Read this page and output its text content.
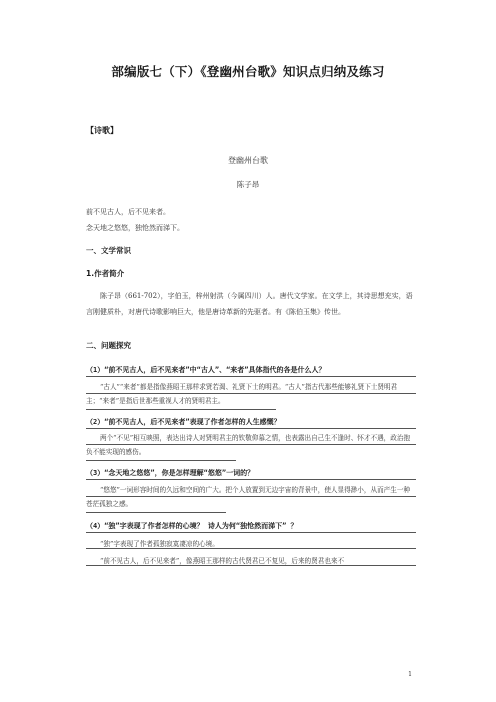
部编版七（下）《登幽州台歌》知识点归纳及练习
【诗歌】
登幽州台歌
陈子昂
前不见古人，后不见来者。
念天地之悠悠，独怆然而涕下。
一、文学常识
1.作者简介
陈子昂（661-702），字伯玉，梓州射洪（今属四川）人。唐代文学家。在文学上，其诗思想充实，语言刚健质朴，对唐代诗歌影响巨大，他是唐诗革新的先驱者。有《陈伯玉集》传世。
二、问题探究
（1）“前不见古人，后不见来者”中“古人”、“来者”具体指代的各是什么人？
“古人”“来者”都是指像燕昭王那样求贤若渴、礼贤下士的明君。“古人”指古代那些能够礼贤下士贤明君主；“来者”是指后世那些重视人才的贤明君主。
（2）“前不见古人，后不见来者”表现了作者怎样的人生感慨？
两个“不见”相互映照，表达出诗人对贤明君主的钦敬仰慕之情，也表露出自己生不逢时、怀才不遇，政治抱负不能实现的感伤。
（3）“念天地之悠悠”，你是怎样理解“悠悠”一词的？
“悠悠”一词形容时间的久远和空间的广大。把个人放置到无边宇宙的背景中，使人显得渺小，从而产生一种苍茫孤独之感。
（4）“独”字表现了作者怎样的心境？ 诗人为何“独怆然而涕下” ？
“独”字表现了作者孤独寂寞凄凉的心境。
“前不见古人，后不见来者”，像燕昭王那样的古代贤君已不复见，后来的贤君也来不
1
